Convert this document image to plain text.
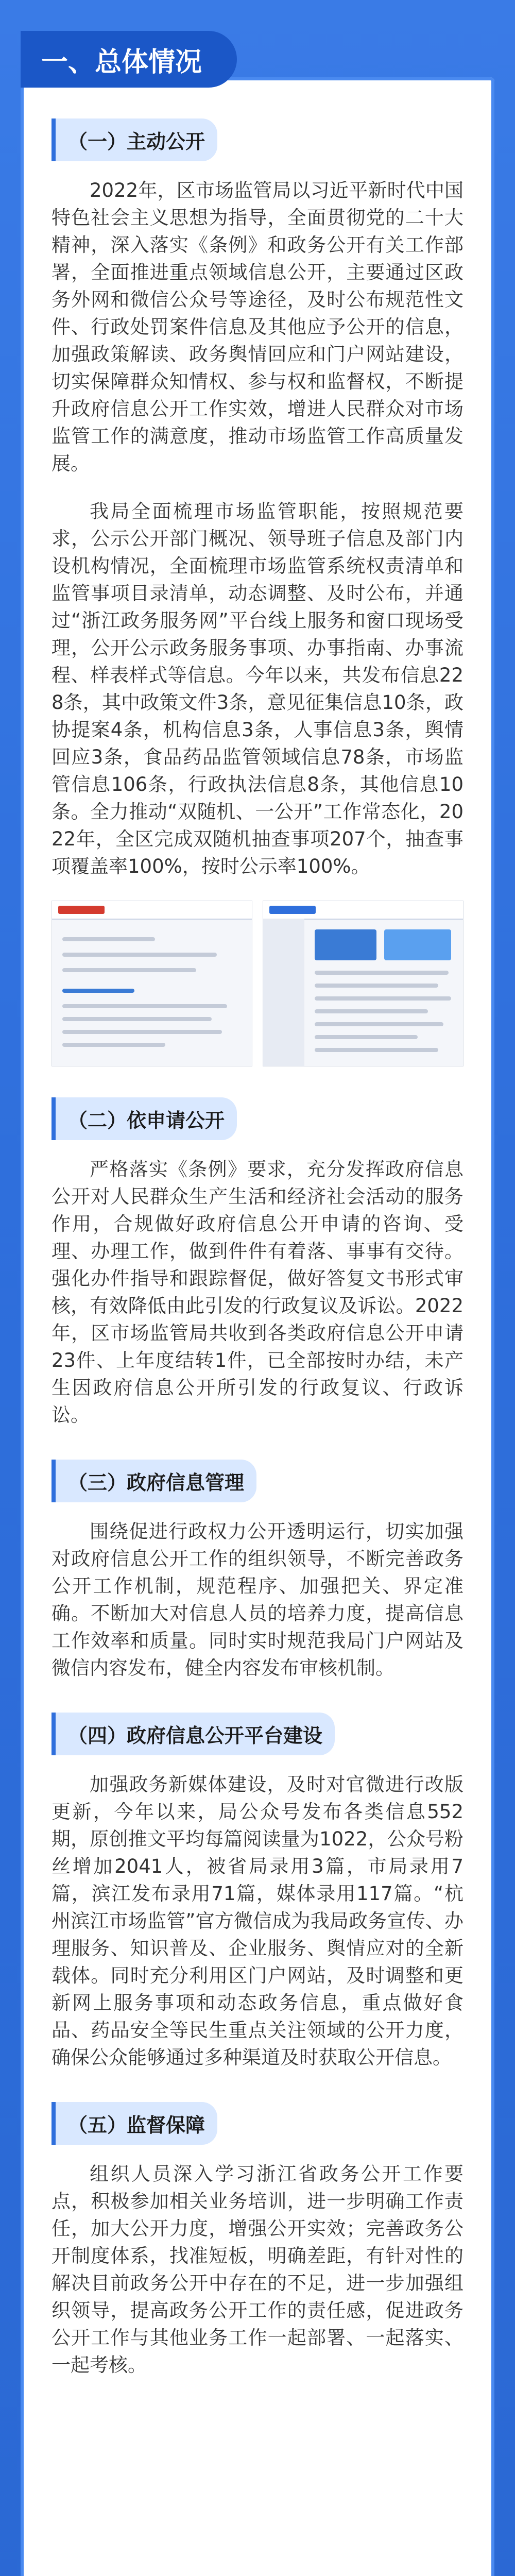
（一）主动公开

2022年，区市场监管局以习近平新时代中国特色社会主义思想为指导，全面贯彻党的二十大精神，深入落实《条例》和政务公开有关工作部署，全面推进重点领域信息公开，主要通过区政务外网和微信公众号等途径，及时公布规范性文件、行政处罚案件信息及其他应予公开的信息，加强政策解读、政务舆情回应和门户网站建设，切实保障群众知情权、参与权和监督权，不断提升政府信息公开工作实效，增进人民群众对市场监管工作的满意度，推动市场监管工作高质量发展。

我局全面梳理市场监管职能，按照规范要求，公示公开部门概况、领导班子信息及部门内设机构情况，全面梳理市场监管系统权责清单和监管事项目录清单，动态调整、及时公布，并通过“浙江政务服务网”平台线上服务和窗口现场受理，公开公示政务服务事项、办事指南、办事流程、样表样式等信息。今年以来，共发布信息228条，其中政策文件3条，意见征集信息10条，政协提案4条，机构信息3条，人事信息3条，舆情回应3条，食品药品监管领域信息78条，市场监管信息106条，行政执法信息8条，其他信息10条。全力推动“双随机、一公开”工作常态化，2022年，全区完成双随机抽查事项207个，抽查事项覆盖率100%，按时公示率100%。

（二）依申请公开

严格落实《条例》要求，充分发挥政府信息公开对人民群众生产生活和经济社会活动的服务作用，合规做好政府信息公开申请的咨询、受理、办理工作，做到件件有着落、事事有交待。强化办件指导和跟踪督促，做好答复文书形式审核，有效降低由此引发的行政复议及诉讼。2022年，区市场监管局共收到各类政府信息公开申请23件、上年度结转1件，已全部按时办结，未产生因政府信息公开所引发的行政复议、行政诉讼。

（三）政府信息管理

围绕促进行政权力公开透明运行，切实加强对政府信息公开工作的组织领导，不断完善政务公开工作机制，规范程序、加强把关、界定准确。不断加大对信息人员的培养力度，提高信息工作效率和质量。同时实时规范我局门户网站及微信内容发布，健全内容发布审核机制。

（四）政府信息公开平台建设

加强政务新媒体建设，及时对官微进行改版更新，今年以来，局公众号发布各类信息552期，原创推文平均每篇阅读量为1022，公众号粉丝增加2041人，被省局录用3篇，市局录用7篇，滨江发布录用71篇，媒体录用117篇。“杭州滨江市场监管”官方微信成为我局政务宣传、办理服务、知识普及、企业服务、舆情应对的全新载体。同时充分利用区门户网站，及时调整和更新网上服务事项和动态政务信息，重点做好食品、药品安全等民生重点关注领域的公开力度，确保公众能够通过多种渠道及时获取公开信息。

（五）监督保障

组织人员深入学习浙江省政务公开工作要点，积极参加相关业务培训，进一步明确工作责任，加大公开力度，增强公开实效；完善政务公开制度体系，找准短板，明确差距，有针对性的解决目前政务公开中存在的不足，进一步加强组织领导，提高政务公开工作的责任感，促进政务公开工作与其他业务工作一起部署、一起落实、一起考核。

一、总体情况
